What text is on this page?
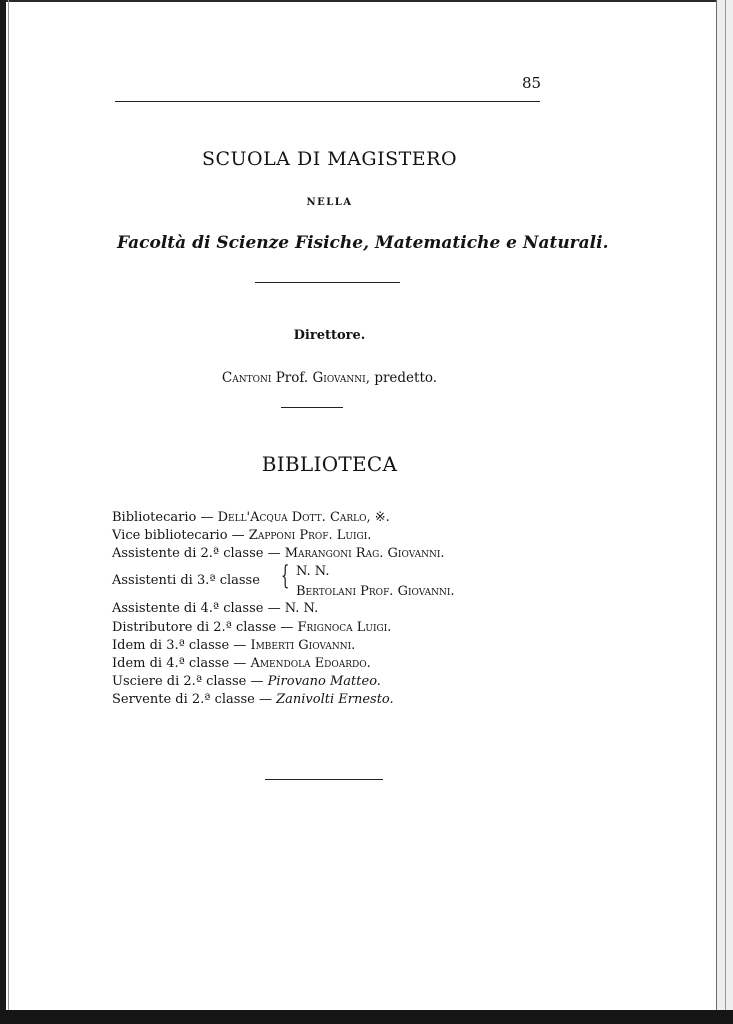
85
SCUOLA DI MAGISTERO
NELLA
Facoltà di Scienze Fisiche, Matematiche e Naturali.
Direttore.
Cantoni Prof. Giovanni, predetto.
BIBLIOTECA
Bibliotecario — Dell'Acqua Dott. Carlo, ※.
Vice bibliotecario — Zapponi Prof. Luigi.
Assistente di 2.ª classe — Marangoni Rag. Giovanni.
Assistenti di 3.ª classe { N. N.
Bertolani Prof. Giovanni.
Assistente di 4.ª classe — N. N.
Distributore di 2.ª classe — Frignoca Luigi.
Idem di 3.ª classe — Imberti Giovanni.
Idem di 4.ª classe — Amendola Edoardo.
Usciere di 2.ª classe — Pirovano Matteo.
Servente di 2.ª classe — Zanivolti Ernesto.
